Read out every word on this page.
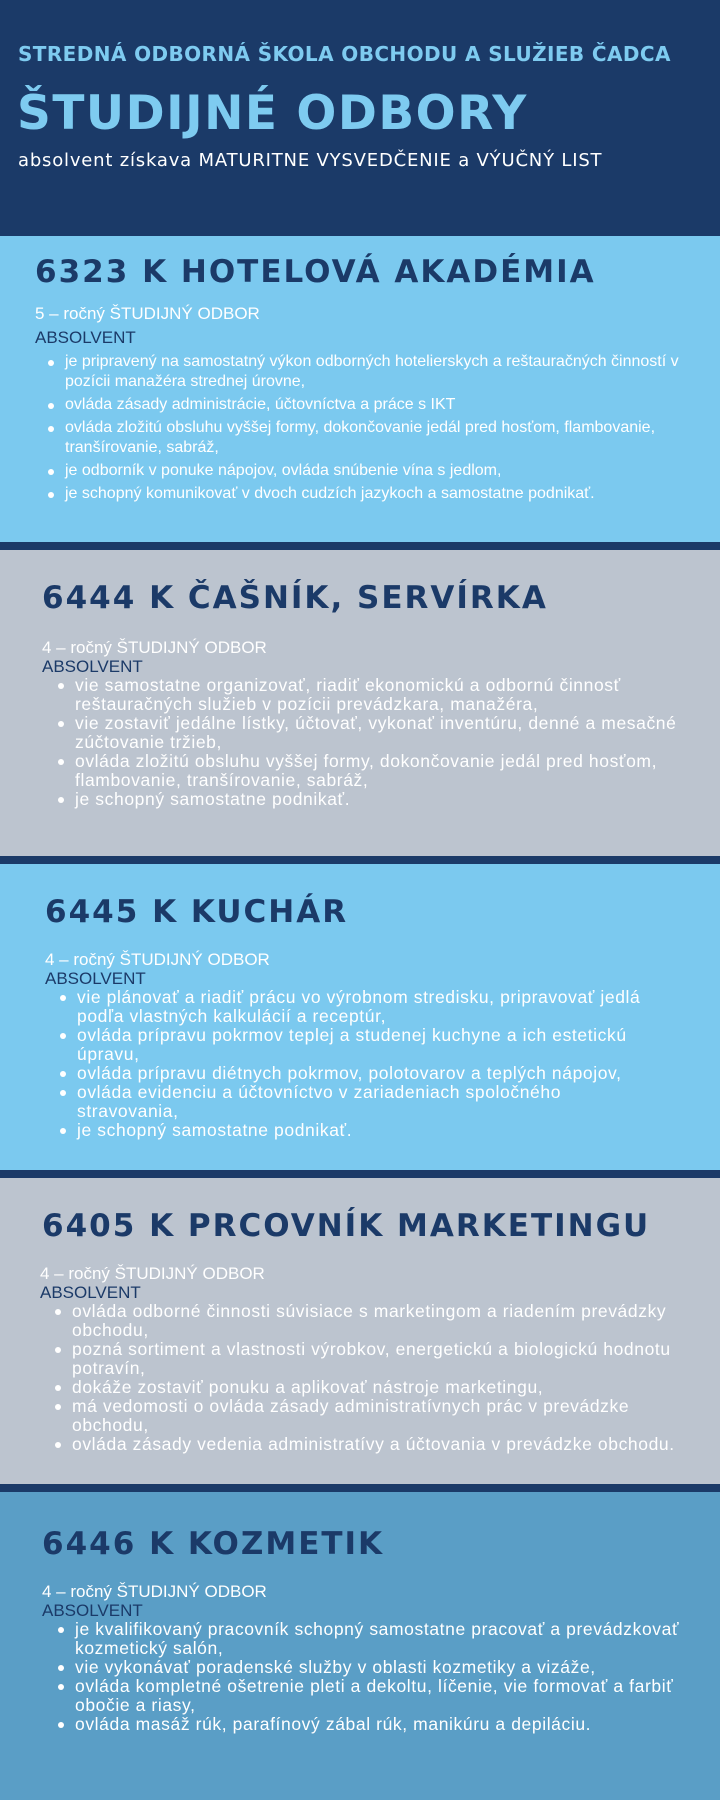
STREDNÁ ODBORNÁ ŠKOLA OBCHODU A SLUŽIEB ČADCA
ŠTUDIJNÉ ODBORY
absolvent získava MATURITNE VYSVEDČENIE a VÝUČNÝ LIST
6323 K HOTELOVÁ AKADÉMIA
5 – ročný ŠTUDIJNÝ ODBOR
ABSOLVENT
je pripravený na samostatný výkon odborných hotelierskych a reštauračných činností v pozícii manažéra strednej úrovne,
ovláda zásady administrácie, účtovníctva a práce s IKT
ovláda zložitú obsluhu vyššej formy, dokončovanie jedál pred hosťom, flambovanie, tranšírovanie, sabráž,
je odborník v ponuke nápojov, ovláda snúbenie vína s jedlom,
je schopný komunikovať v dvoch cudzích jazykoch a samostatne podnikať.
6444 K ČAŠNÍK, SERVÍRKA
4 – ročný ŠTUDIJNÝ ODBOR
ABSOLVENT
vie samostatne organizovať, riadiť ekonomickú a odbornú činnosť reštauračných služieb v pozícii prevádzkara, manažéra,
vie zostaviť jedálne lístky, účtovať, vykonať inventúru, denné a mesačné zúčtovanie tržieb,
ovláda zložitú obsluhu vyššej formy, dokončovanie jedál pred hosťom, flambovanie, tranšírovanie, sabráž,
je schopný samostatne podnikať.
6445 K KUCHÁR
4 – ročný ŠTUDIJNÝ ODBOR
ABSOLVENT
vie plánovať a riadiť prácu vo výrobnom stredisku, pripravovať jedlá podľa vlastných kalkulácií a receptúr,
ovláda prípravu pokrmov teplej a studenej kuchyne a ich estetickú úpravu,
ovláda prípravu diétnych pokrmov, polotovarov a teplých nápojov,
ovláda evidenciu a účtovníctvo v zariadeniach spoločného stravovania,
je schopný samostatne podnikať.
6405 K PRCOVNÍK MARKETINGU
4 – ročný ŠTUDIJNÝ ODBOR
ABSOLVENT
ovláda odborné činnosti súvisiace s marketingom a riadením prevádzky obchodu,
pozná sortiment a vlastnosti výrobkov, energetickú a biologickú hodnotu potravín,
dokáže zostaviť ponuku a aplikovať nástroje marketingu,
má vedomosti o ovláda zásady administratívnych prác v prevádzke obchodu,
ovláda zásady vedenia administratívy a účtovania v prevádzke obchodu.
6446 K KOZMETIK
4 – ročný ŠTUDIJNÝ ODBOR
ABSOLVENT
je kvalifikovaný pracovník schopný samostatne pracovať a prevádzkovať kozmetický salón,
vie vykonávať poradenské služby v oblasti kozmetiky a vizáže,
ovláda kompletné ošetrenie pleti a dekoltu, líčenie, vie formovať a farbiť obočie a riasy,
ovláda masáž rúk, parafínový zábal rúk, manikúru a depiláciu.
